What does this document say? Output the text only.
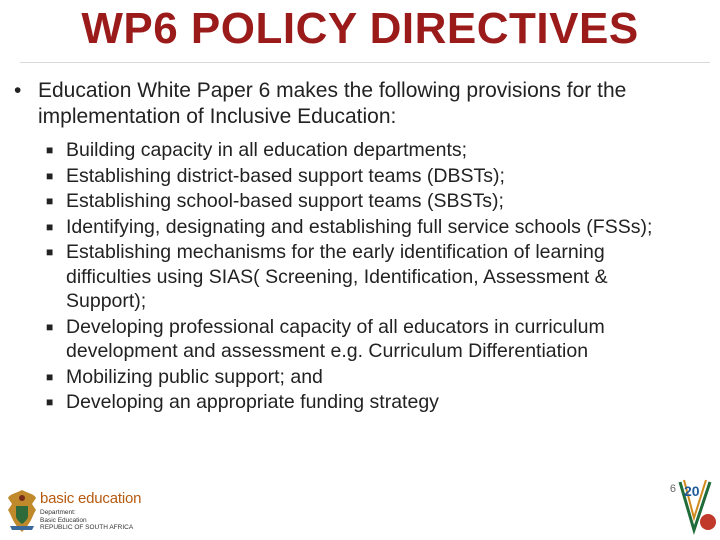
WP6 POLICY DIRECTIVES
• Education White Paper 6 makes the following provisions for the implementation of Inclusive Education:
■ Building capacity in all education departments;
■ Establishing district-based support teams (DBSTs);
■ Establishing school-based support teams (SBSTs);
■ Identifying, designating and establishing full service schools (FSSs);
■ Establishing mechanisms for the early identification of learning difficulties using SIAS( Screening, Identification, Assessment & Support);
■ Developing professional capacity of all educators in curriculum development and assessment e.g. Curriculum Differentiation
■ Mobilizing public support; and
■ Developing an appropriate funding strategy
basic education
Department:
Basic Education
REPUBLIC OF SOUTH AFRICA
6 20
